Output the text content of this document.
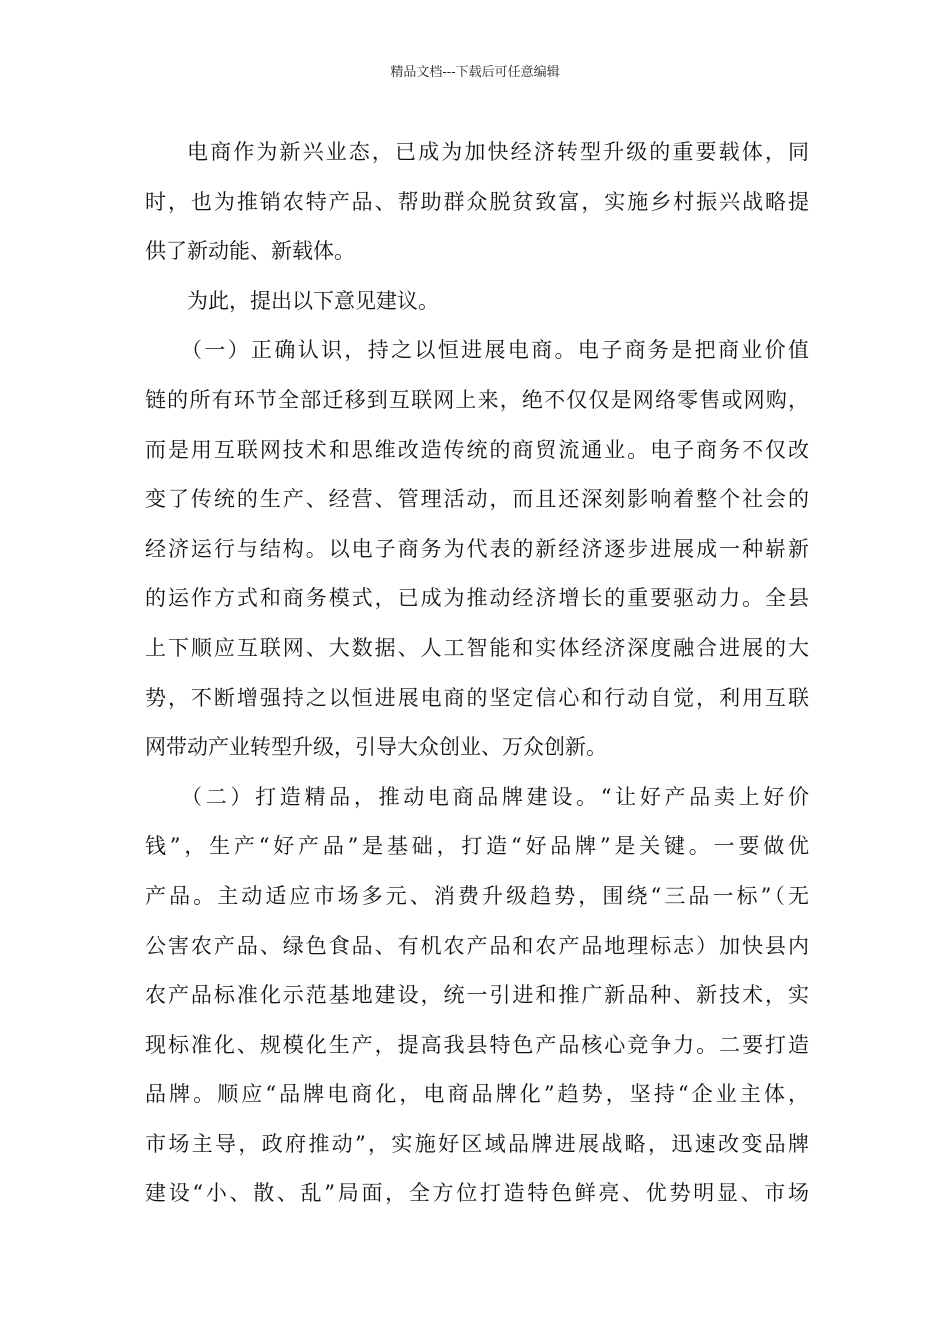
精品文档---下载后可任意编辑
电商作为新兴业态，已成为加快经济转型升级的重要载体，同
时，也为推销农特产品、帮助群众脱贫致富，实施乡村振兴战略提
供了新动能、新载体。
为此，提出以下意见建议。
（一）正确认识，持之以恒进展电商。电子商务是把商业价值
链的所有环节全部迁移到互联网上来，绝不仅仅是网络零售或网购，
而是用互联网技术和思维改造传统的商贸流通业。电子商务不仅改
变了传统的生产、经营、管理活动，而且还深刻影响着整个社会的
经济运行与结构。以电子商务为代表的新经济逐步进展成一种崭新
的运作方式和商务模式，已成为推动经济增长的重要驱动力。全县
上下顺应互联网、大数据、人工智能和实体经济深度融合进展的大
势，不断增强持之以恒进展电商的坚定信心和行动自觉，利用互联
网带动产业转型升级，引导大众创业、万众创新。
（二）打造精品，推动电商品牌建设。“让好产品卖上好价
钱”，生产“好产品”是基础，打造“好品牌”是关键。一要做优
产品。主动适应市场多元、消费升级趋势，围绕“三品一标”（无
公害农产品、绿色食品、有机农产品和农产品地理标志）加快县内
农产品标准化示范基地建设，统一引进和推广新品种、新技术，实
现标准化、规模化生产，提高我县特色产品核心竞争力。二要打造
品牌。顺应“品牌电商化，电商品牌化”趋势，坚持“企业主体，
市场主导，政府推动”，实施好区域品牌进展战略，迅速改变品牌
建设“小、散、乱”局面，全方位打造特色鲜亮、优势明显、市场
